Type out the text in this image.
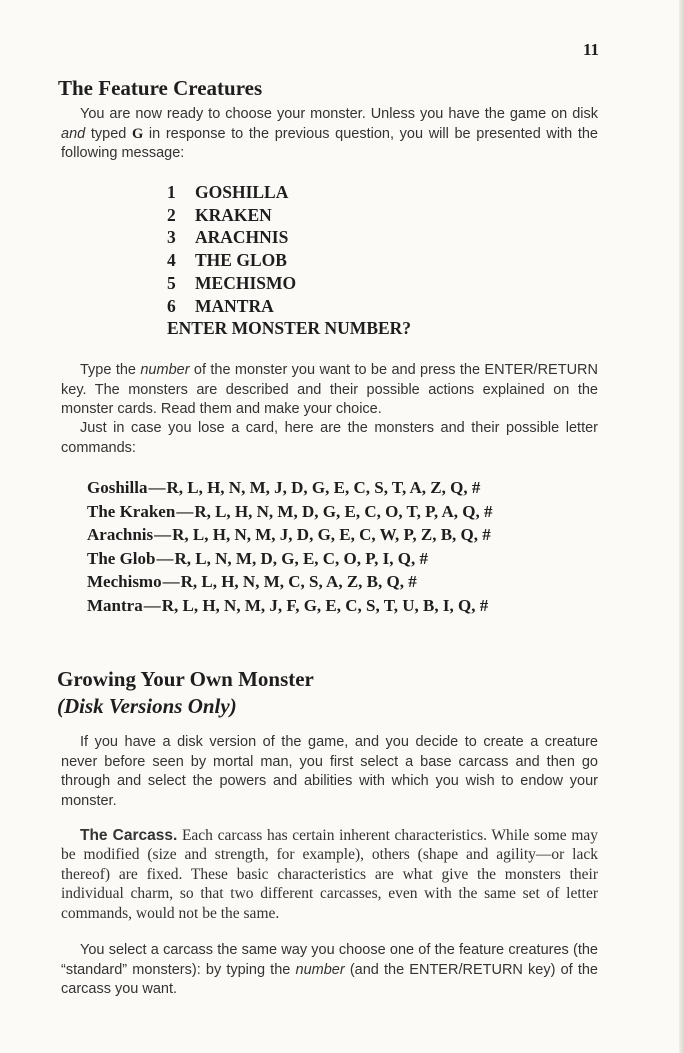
11
The Feature Creatures

You are now ready to choose your monster. Unless you have the game on disk and typed G in response to the previous question, you will be presented with the following message:

1 GOSHILLA
2 KRAKEN
3 ARACHNIS
4 THE GLOB
5 MECHISMO
6 MANTRA
ENTER MONSTER NUMBER?

Type the number of the monster you want to be and press the ENTER/RETURN key. The monsters are described and their possible actions explained on the monster cards. Read them and make your choice.

Just in case you lose a card, here are the monsters and their possible letter commands:

Goshilla—R, L, H, N, M, J, D, G, E, C, S, T, A, Z, Q, #
The Kraken—R, L, H, N, M, D, G, E, C, O, T, P, A, Q, #
Arachnis—R, L, H, N, M, J, D, G, E, C, W, P, Z, B, Q, #
The Glob—R, L, N, M, D, G, E, C, O, P, I, Q, #
Mechismo—R, L, H, N, M, C, S, A, Z, B, Q, #
Mantra—R, L, H, N, M, J, F, G, E, C, S, T, U, B, I, Q, #
Growing Your Own Monster
(Disk Versions Only)

If you have a disk version of the game, and you decide to create a creature never before seen by mortal man, you first select a base carcass and then go through and select the powers and abilities with which you wish to endow your monster.

The Carcass. Each carcass has certain inherent characteristics. While some may be modified (size and strength, for example), others (shape and agility—or lack thereof) are fixed. These basic characteristics are what give the monsters their individual charm, so that two different carcasses, even with the same set of letter commands, would not be the same.

You select a carcass the same way you choose one of the feature creatures (the “standard” monsters): by typing the number (and the ENTER/RETURN key) of the carcass you want.
